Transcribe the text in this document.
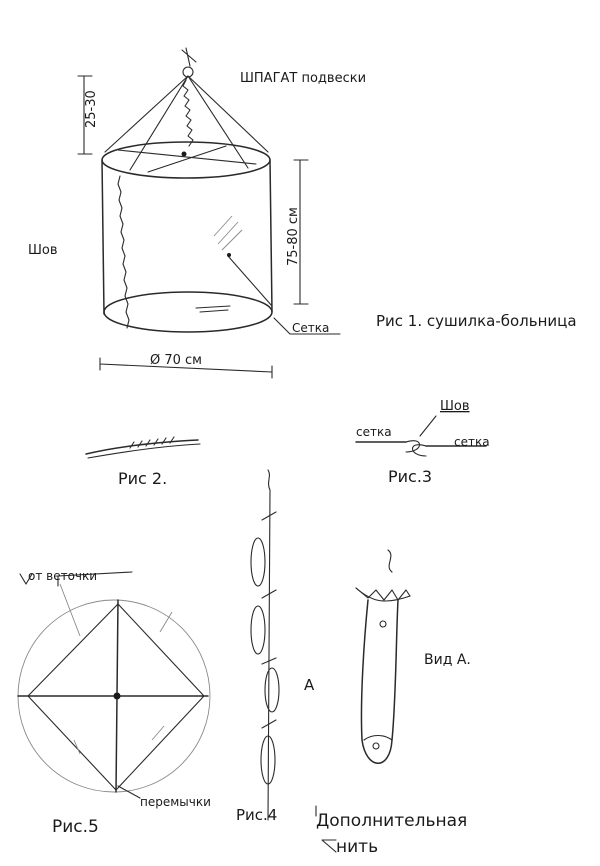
25-30
75-80 см
Ø 70 см
ШПАГАТ подвески
Шов
Сетка	Рис 1. сушилка-больница
Рис 2.
Шов
сетка
сетка
Рис.3
А
Рис.4 Дополнительная
нить
Вид А.
от веточки
перемычки
Рис.5
